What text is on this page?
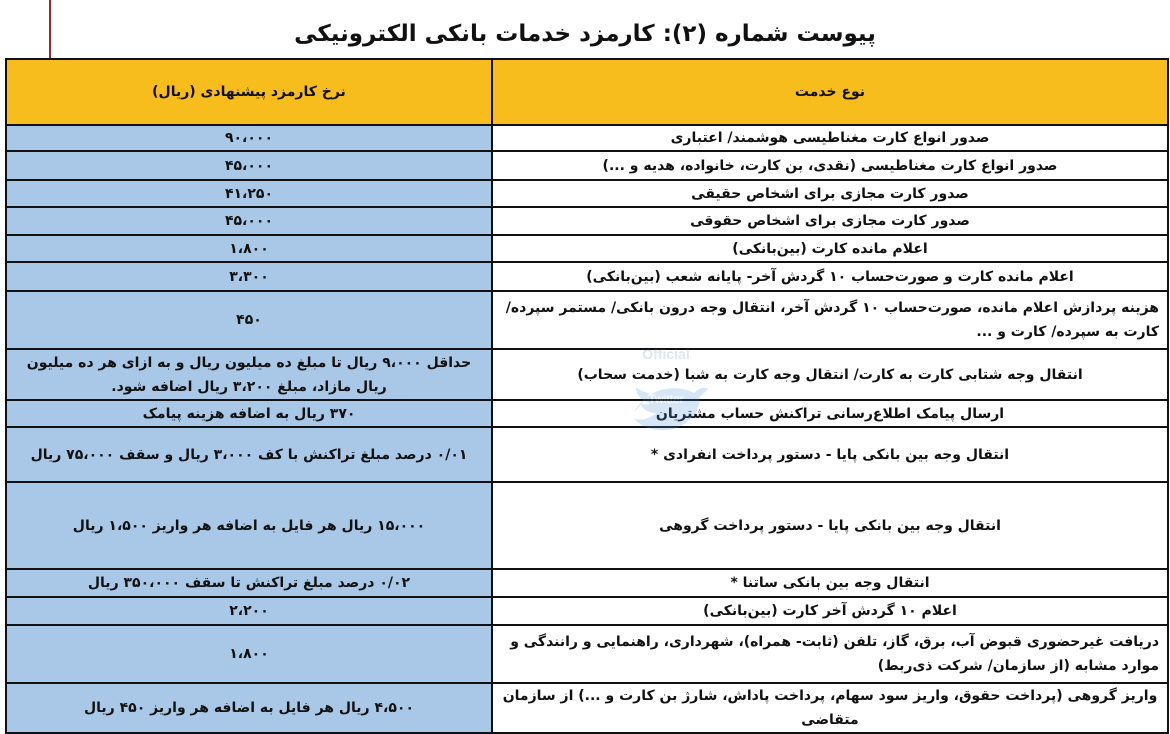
پیوست شماره (۲): کارمزد خدمات بانکی الکترونیکی
نوع خدمت	نرخ کارمزد پیشنهادی (ریال)
صدور انواع کارت مغناطیسی هوشمند/ اعتباری	۹۰،۰۰۰
صدور انواع کارت مغناطیسی (نقدی، بن کارت، خانواده، هدیه و ...)	۴۵،۰۰۰
صدور کارت مجازی برای اشخاص حقیقی	۴۱،۲۵۰
صدور کارت مجازی برای اشخاص حقوقی	۴۵،۰۰۰
اعلام مانده کارت (بین‌بانکی)	۱،۸۰۰
اعلام مانده کارت و صورت‌حساب ۱۰ گردش آخر- پایانه شعب (بین‌بانکی)	۳،۳۰۰
هزینه پردازش اعلام مانده، صورت‌حساب ۱۰ گردش آخر، انتقال وجه درون بانکی/ مستمر سپرده/ کارت به سپرده/ کارت و ...	۴۵۰
انتقال وجه شتابی کارت به کارت/ انتقال وجه کارت به شبا (خدمت سحاب)	حداقل ۹،۰۰۰ ریال تا مبلغ ده میلیون ریال و به ازای هر ده میلیون ریال مازاد، مبلغ ۳،۲۰۰ ریال اضافه شود.
ارسال پیامک اطلاع‌رسانی تراکنش حساب مشتریان	۳۷۰ ریال به اضافه هزینه پیامک
انتقال وجه بین بانکی پایا - دستور پرداخت انفرادی *	۰/۰۱ درصد مبلغ تراکنش با کف ۳،۰۰۰ ریال و سقف ۷۵،۰۰۰ ریال
انتقال وجه بین بانکی پایا - دستور پرداخت گروهی	۱۵،۰۰۰ ریال هر فایل به اضافه هر واریز ۱،۵۰۰ ریال
انتقال وجه بین بانکی ساتنا *	۰/۰۲ درصد مبلغ تراکنش تا سقف ۳۵۰،۰۰۰ ریال
اعلام ۱۰ گردش آخر کارت (بین‌بانکی)	۲،۲۰۰
دریافت غیرحضوری قبوض آب، برق، گاز، تلفن (ثابت- همراه)، شهرداری، راهنمایی و رانندگی و موارد مشابه (از سازمان/ شرکت ذی‌ربط)	۱،۸۰۰
واریز گروهی (پرداخت حقوق، واریز سود سهام، پرداخت پاداش، شارژ بن کارت و ...) از سازمان متقاضی	۴،۵۰۰ ریال هر فایل به اضافه هر واریز ۴۵۰ ریال
Official
Twitter
